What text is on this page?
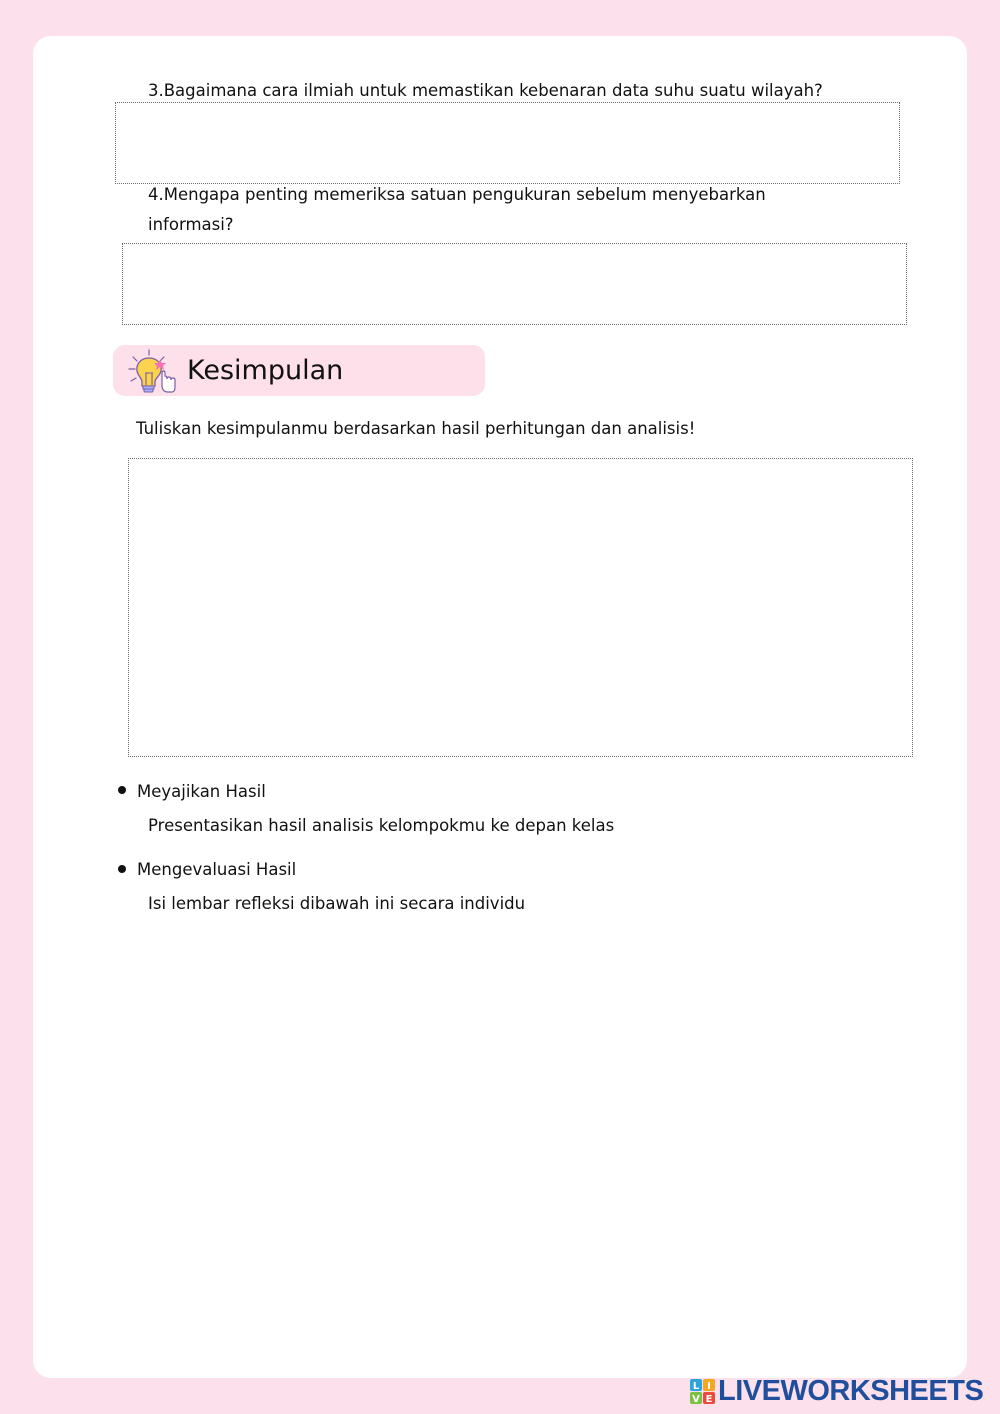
3.Bagaimana cara ilmiah untuk memastikan kebenaran data suhu suatu wilayah?
4.Mengapa penting memeriksa satuan pengukuran sebelum menyebarkan
informasi?
Kesimpulan
Tuliskan kesimpulanmu berdasarkan hasil perhitungan dan analisis!
Meyajikan Hasil
Presentasikan hasil analisis kelompokmu ke depan kelas
Mengevaluasi Hasil
Isi lembar refleksi dibawah ini secara individu
L I
V E LIVEWORKSHEETS
